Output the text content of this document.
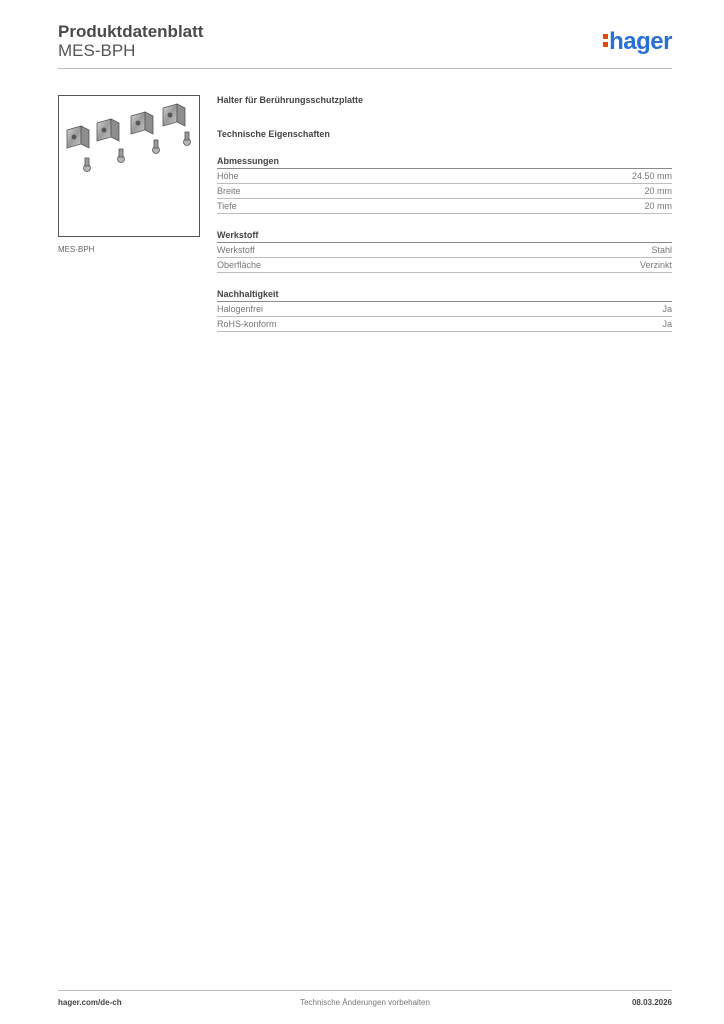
Produktdatenblatt
MES-BPH	hager
MES-BPH
Halter für Berührungsschutzplatte
Technische Eigenschaften
Abmessungen
Höhe	24.50 mm
Breite	20 mm
Tiefe	20 mm
Werkstoff
Werkstoff	Stahl
Oberfläche	Verzinkt
Nachhaltigkeit
Halogenfrei	Ja
RoHS-konform	Ja
Technische Änderungen vorbehalten
hager.com/de-ch	08.03.2026
